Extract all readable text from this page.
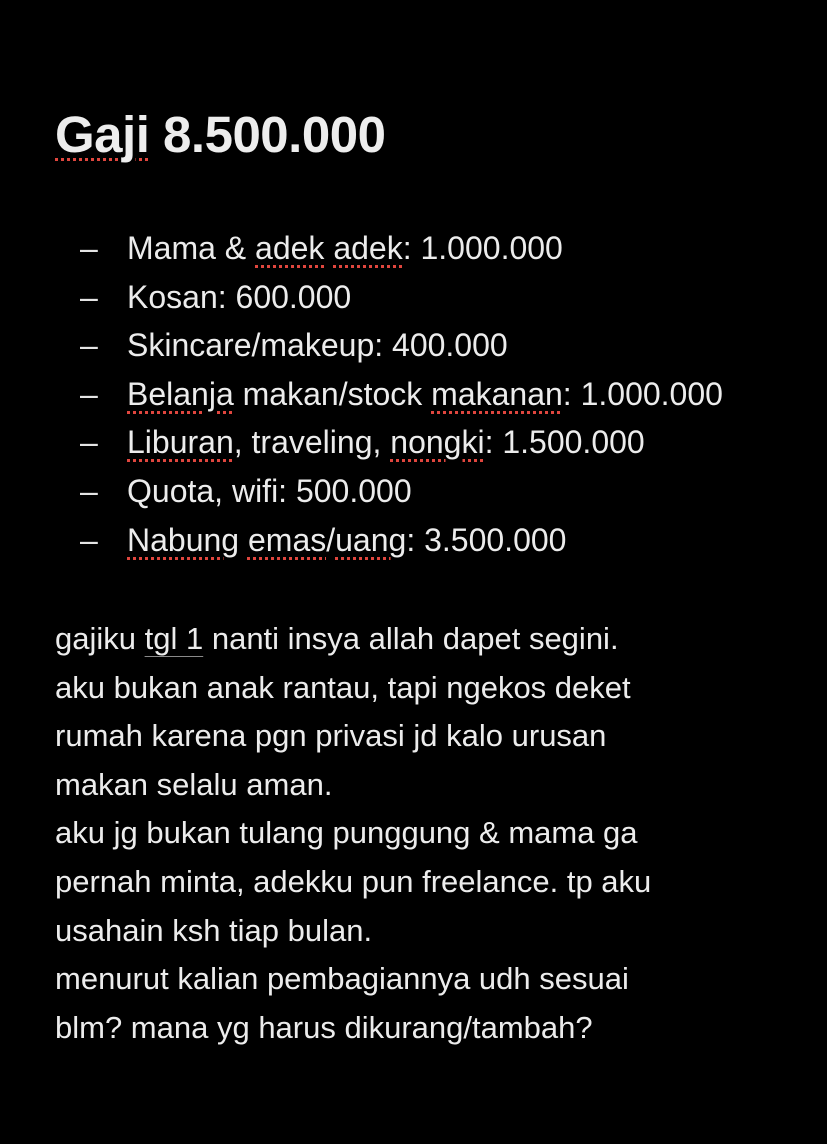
Gaji 8.500.000
– Mama & adek adek: 1.000.000
– Kosan: 600.000
– Skincare/makeup: 400.000
– Belanja makan/stock makanan: 1.000.000
– Liburan, traveling, nongki: 1.500.000
– Quota, wifi: 500.000
– Nabung emas/uang: 3.500.000
gajiku tgl 1 nanti insya allah dapet segini.
aku bukan anak rantau, tapi ngekos deket
rumah karena pgn privasi jd kalo urusan
makan selalu aman.
aku jg bukan tulang punggung & mama ga
pernah minta, adekku pun freelance. tp aku
usahain ksh tiap bulan.
menurut kalian pembagiannya udh sesuai
blm? mana yg harus dikurang/tambah?
